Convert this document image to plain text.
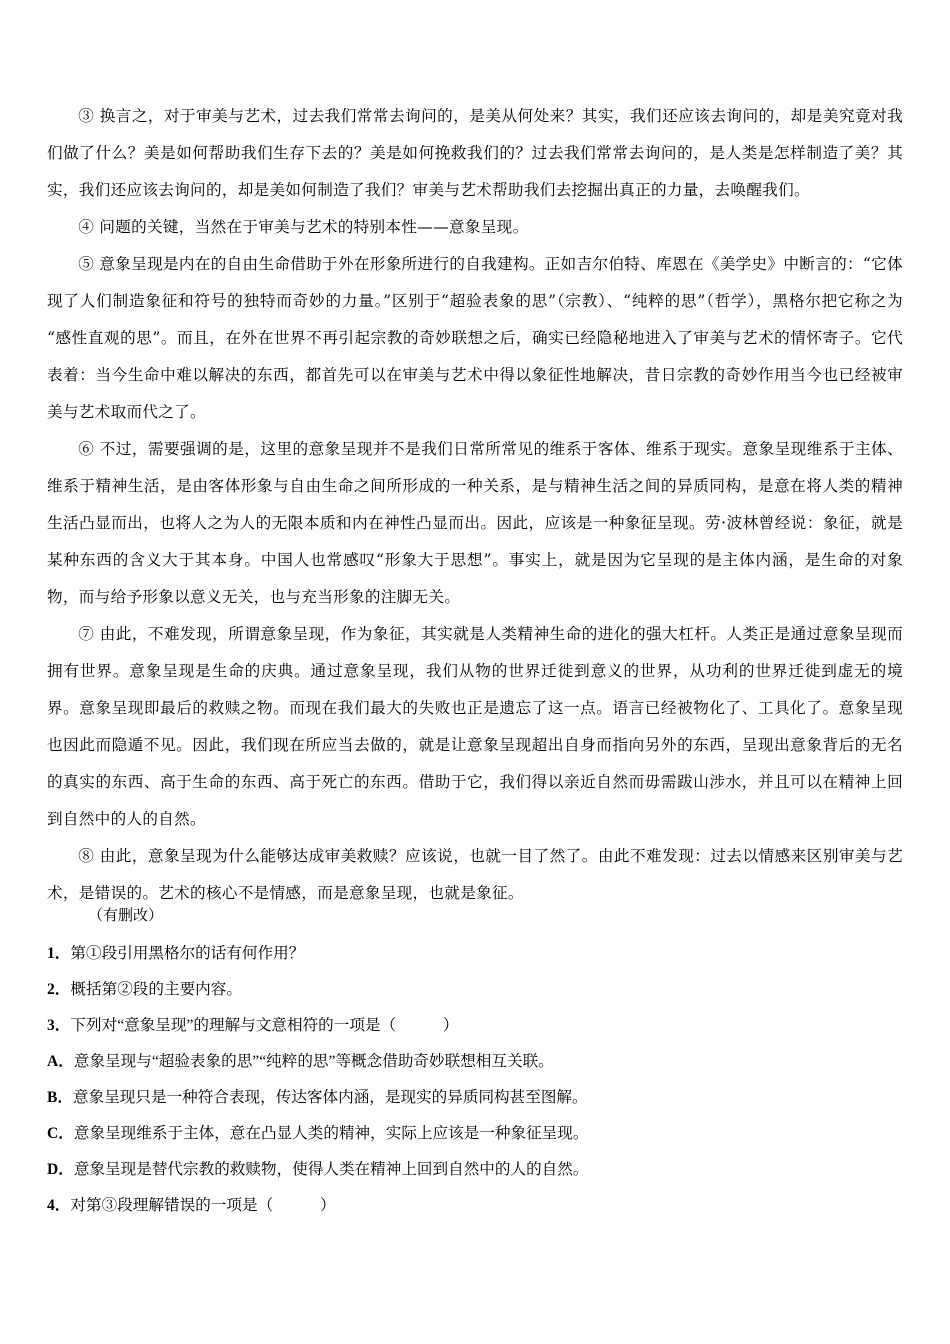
③ 换言之，对于审美与艺术，过去我们常常去询问的，是美从何处来？其实，我们还应该去询问的，却是美究竟对我们做了什么？美是如何帮助我们生存下去的？美是如何挽救我们的？过去我们常常去询问的，是人类是怎样制造了美？其实，我们还应该去询问的，却是美如何制造了我们？审美与艺术帮助我们去挖掘出真正的力量，去唤醒我们。

④ 问题的关键，当然在于审美与艺术的特别本性——意象呈现。

⑤ 意象呈现是内在的自由生命借助于外在形象所进行的自我建构。正如吉尔伯特、库恩在《美学史》中断言的：“它体现了人们制造象征和符号的独特而奇妙的力量。”区别于“超验表象的思”（宗教）、“纯粹的思”（哲学），黑格尔把它称之为 “感性直观的思”。而且，在外在世界不再引起宗教的奇妙联想之后，确实已经隐秘地进入了审美与艺术的情怀寄子。它代表着：当今生命中难以解决的东西，都首先可以在审美与艺术中得以象征性地解决，昔日宗教的奇妙作用当今也已经被审美与艺术取而代之了。

⑥ 不过，需要强调的是，这里的意象呈现并不是我们日常所常见的维系于客体、维系于现实。意象呈现维系于主体、维系于精神生活，是由客体形象与自由生命之间所形成的一种关系，是与精神生活之间的异质同构，是意在将人类的精神生活凸显而出，也将人之为人的无限本质和内在神性凸显而出。因此，应该是一种象征呈现。劳·波林曾经说：象征，就是某种东西的含义大于其本身。中国人也常感叹“形象大于思想”。事实上，就是因为它呈现的是主体内涵，是生命的对象物，而与给予形象以意义无关，也与充当形象的注脚无关。

⑦ 由此，不难发现，所谓意象呈现，作为象征，其实就是人类精神生命的进化的强大杠杆。人类正是通过意象呈现而拥有世界。意象呈现是生命的庆典。通过意象呈现，我们从物的世界迁徙到意义的世界，从功利的世界迁徙到虚无的境界。意象呈现即最后的救赎之物。而现在我们最大的失败也正是遗忘了这一点。语言已经被物化了、工具化了。意象呈现也因此而隐遁不见。因此，我们现在所应当去做的，就是让意象呈现超出自身而指向另外的东西，呈现出意象背后的无名的真实的东西、高于生命的东西、高于死亡的东西。借助于它，我们得以亲近自然而毋需跋山涉水，并且可以在精神上回到自然中的人的自然。

⑧ 由此，意象呈现为什么能够达成审美救赎？应该说，也就一目了然了。由此不难发现：过去以情感来区别审美与艺术，是错误的。艺术的核心不是情感，而是意象呈现，也就是象征。

（有删改）
1．第①段引用黑格尔的话有何作用？
2．概括第②段的主要内容。
3．下列对“意象呈现”的理解与文意相符的一项是（　　　）
A．意象呈现与“超验表象的思”“纯粹的思”等概念借助奇妙联想相互关联。
B．意象呈现只是一种符合表现，传达客体内涵，是现实的异质同构甚至图解。
C．意象呈现维系于主体，意在凸显人类的精神，实际上应该是一种象征呈现。
D．意象呈现是替代宗教的救赎物，使得人类在精神上回到自然中的人的自然。
4．对第③段理解错误 · ·的一项是（　　　）
